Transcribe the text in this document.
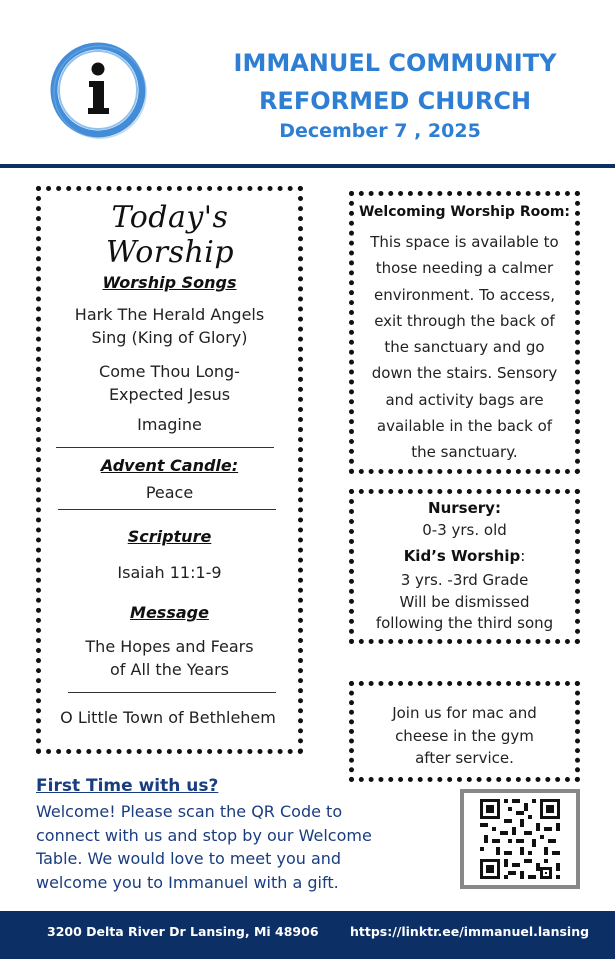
IMMANUEL COMMUNITY
REFORMED CHURCH
December 7 , 2025
Today's Worship
Worship Songs
Hark The Herald Angels
Sing (King of Glory)
Come Thou Long-
Expected Jesus
Imagine
Advent Candle:
Peace
Scripture
Isaiah 11:1-9
Message
The Hopes and Fears
of All the Years
O Little Town of Bethlehem
Welcoming Worship Room:
This space is available to
those needing a calmer
environment. To access,
exit through the back of
the sanctuary and go
down the stairs. Sensory
and activity bags are
available in the back of
the sanctuary.
Nursery:
0-3 yrs. old
Kid’s Worship:
3 yrs. -3rd Grade
Will be dismissed
following the third song
Join us for mac and
cheese in the gym
after service.
First Time with us?
Welcome! Please scan the QR Code to
connect with us and stop by our Welcome
Table. We would love to meet you and
welcome you to Immanuel with a gift.
3200 Delta River Dr Lansing, Mi 48906	https://linktr.ee/immanuel.lansing
